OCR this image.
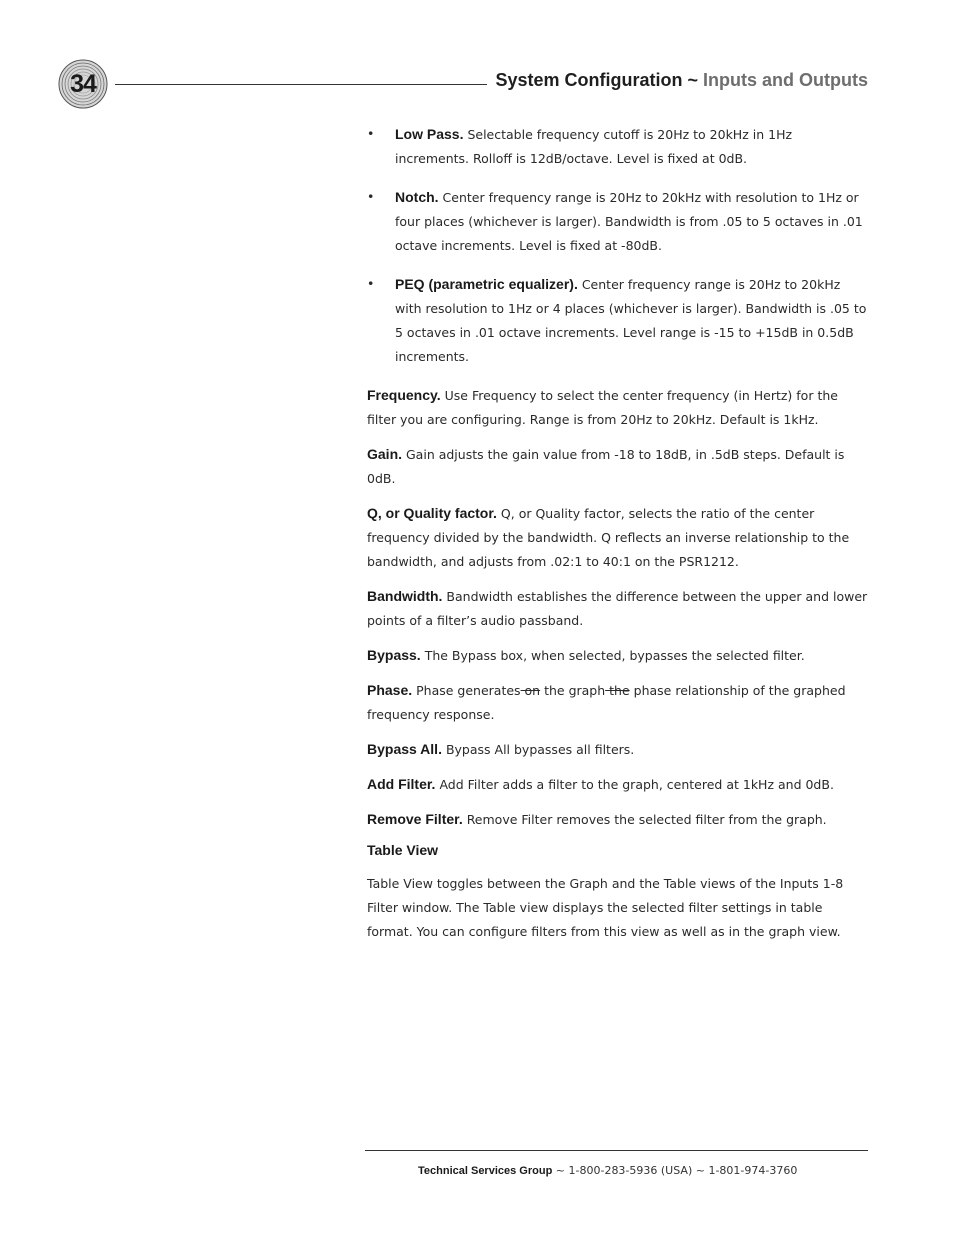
34	System Configuration ~ Inputs and Outputs
• Low Pass. Selectable frequency cutoff is 20Hz to 20kHz in 1Hz increments. Rolloff is 12dB/octave. Level is fixed at 0dB.
• Notch. Center frequency range is 20Hz to 20kHz with resolution to 1Hz or four places (whichever is larger). Bandwidth is from .05 to 5 octaves in .01 octave increments. Level is fixed at -80dB.
• PEQ (parametric equalizer). Center frequency range is 20Hz to 20kHz with resolution to 1Hz or 4 places (whichever is larger). Bandwidth is .05 to 5 octaves in .01 octave increments. Level range is -15 to +15dB in 0.5dB increments.
Frequency. Use Frequency to select the center frequency (in Hertz) for the filter you are configuring. Range is from 20Hz to 20kHz. Default is 1kHz.
Gain. Gain adjusts the gain value from -18 to 18dB, in .5dB steps. Default is 0dB.
Q, or Quality factor. Q, or Quality factor, selects the ratio of the center frequency divided by the bandwidth. Q reflects an inverse relationship to the bandwidth, and adjusts from .02:1 to 40:1 on the PSR1212.
Bandwidth. Bandwidth establishes the difference between the upper and lower points of a filter’s audio passband.
Bypass. The Bypass box, when selected, bypasses the selected filter.
Phase. Phase generates on the graph the phase relationship of the graphed frequency response.
Bypass All. Bypass All bypasses all filters.
Add Filter. Add Filter adds a filter to the graph, centered at 1kHz and 0dB.
Remove Filter. Remove Filter removes the selected filter from the graph.
Table View
Table View toggles between the Graph and the Table views of the Inputs 1-8 Filter window. The Table view displays the selected filter settings in table format. You can configure filters from this view as well as in the graph view.
Technical Services Group ~ 1-800-283-5936 (USA) ~ 1-801-974-3760
